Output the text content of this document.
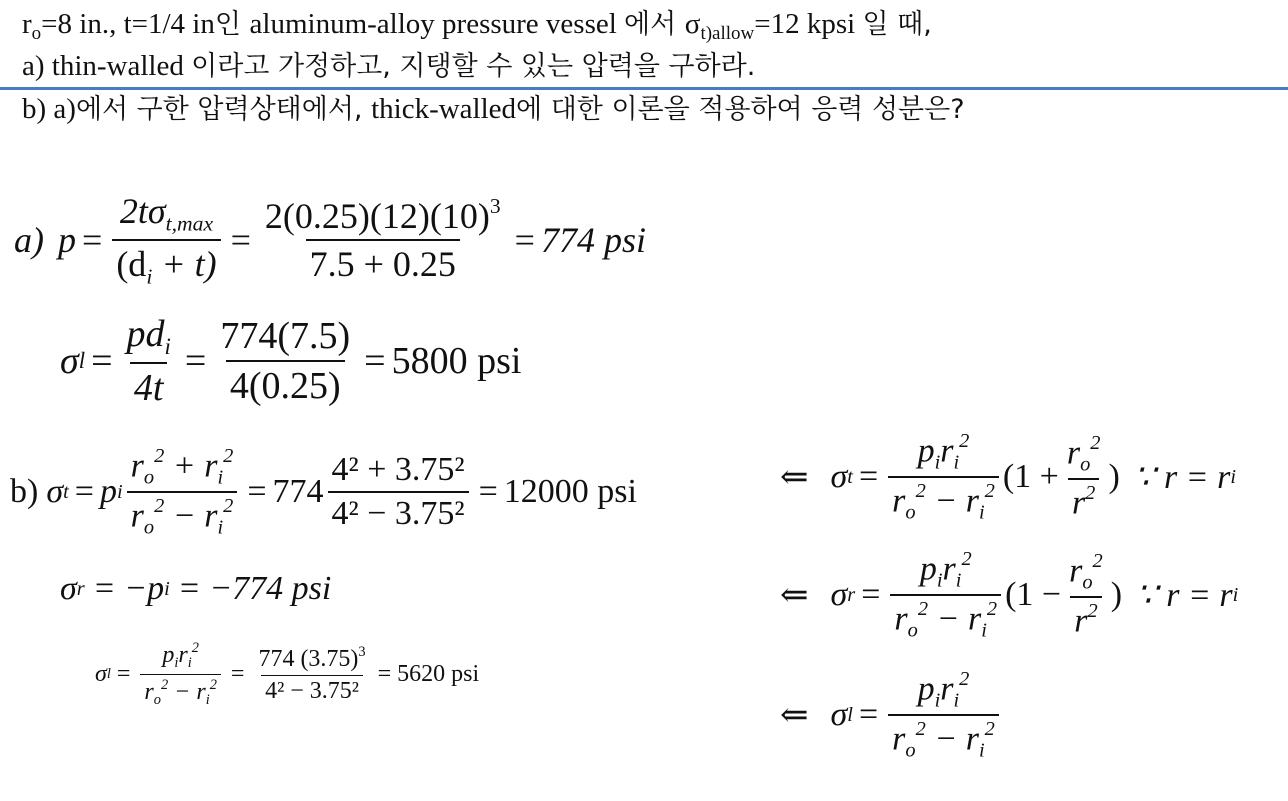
$r_o=8$ in., t=1/4 in인 aluminum-alloy pressure vessel 에서 $\sigma_{t)allow}=12$ kpsi 일 때,
a) thin-walled 이라고 가정하고, 지탱할 수 있는 압력을 구하라.
b) a)에서 구한 압력상태에서, thick-walled에 대한 이론을 적용하여 응력 성분은?
a) $p = \frac{2t\sigma_{t,max}}{(d_i + t)} = \frac{2(0.25)(12)(10)^3}{7.5 + 0.25} = 774$ psi
σ $l = \frac{pd_i}{4t} = \frac{774(7.5)}{4(0.25)} = 5800$ psi
b) σ t = p i $\frac{r_o^2 + r_i^2}{r_o^2 - r_i^2} = 774 \frac{\text{4² + 3.75²}}{\text{4² − 3.75²}} = 12000$ psi
σ r = −p i = −774 psi
σ $l = \frac{p_ir_i^2}{r_o^2 - r_i^2} = \frac{774 (3.75)^3}{\text{4² − 3.75²}} = 5620$ psi
⇐ σ $t = \frac{p_ir_i^2}{r_o^2 - r_i^2} (1 + \frac{r_o^2}{r^2}$ ) ∵ r = r i
⇐ σ $r = \frac{p_ir_i^2}{r_o^2 - r_i^2} (1 - \frac{r_o^2}{r^2}$ ) ∵ r = r i
⇐ σ $l = \frac{p_ir_i^2}{r_o^2 - r_i^2}$
